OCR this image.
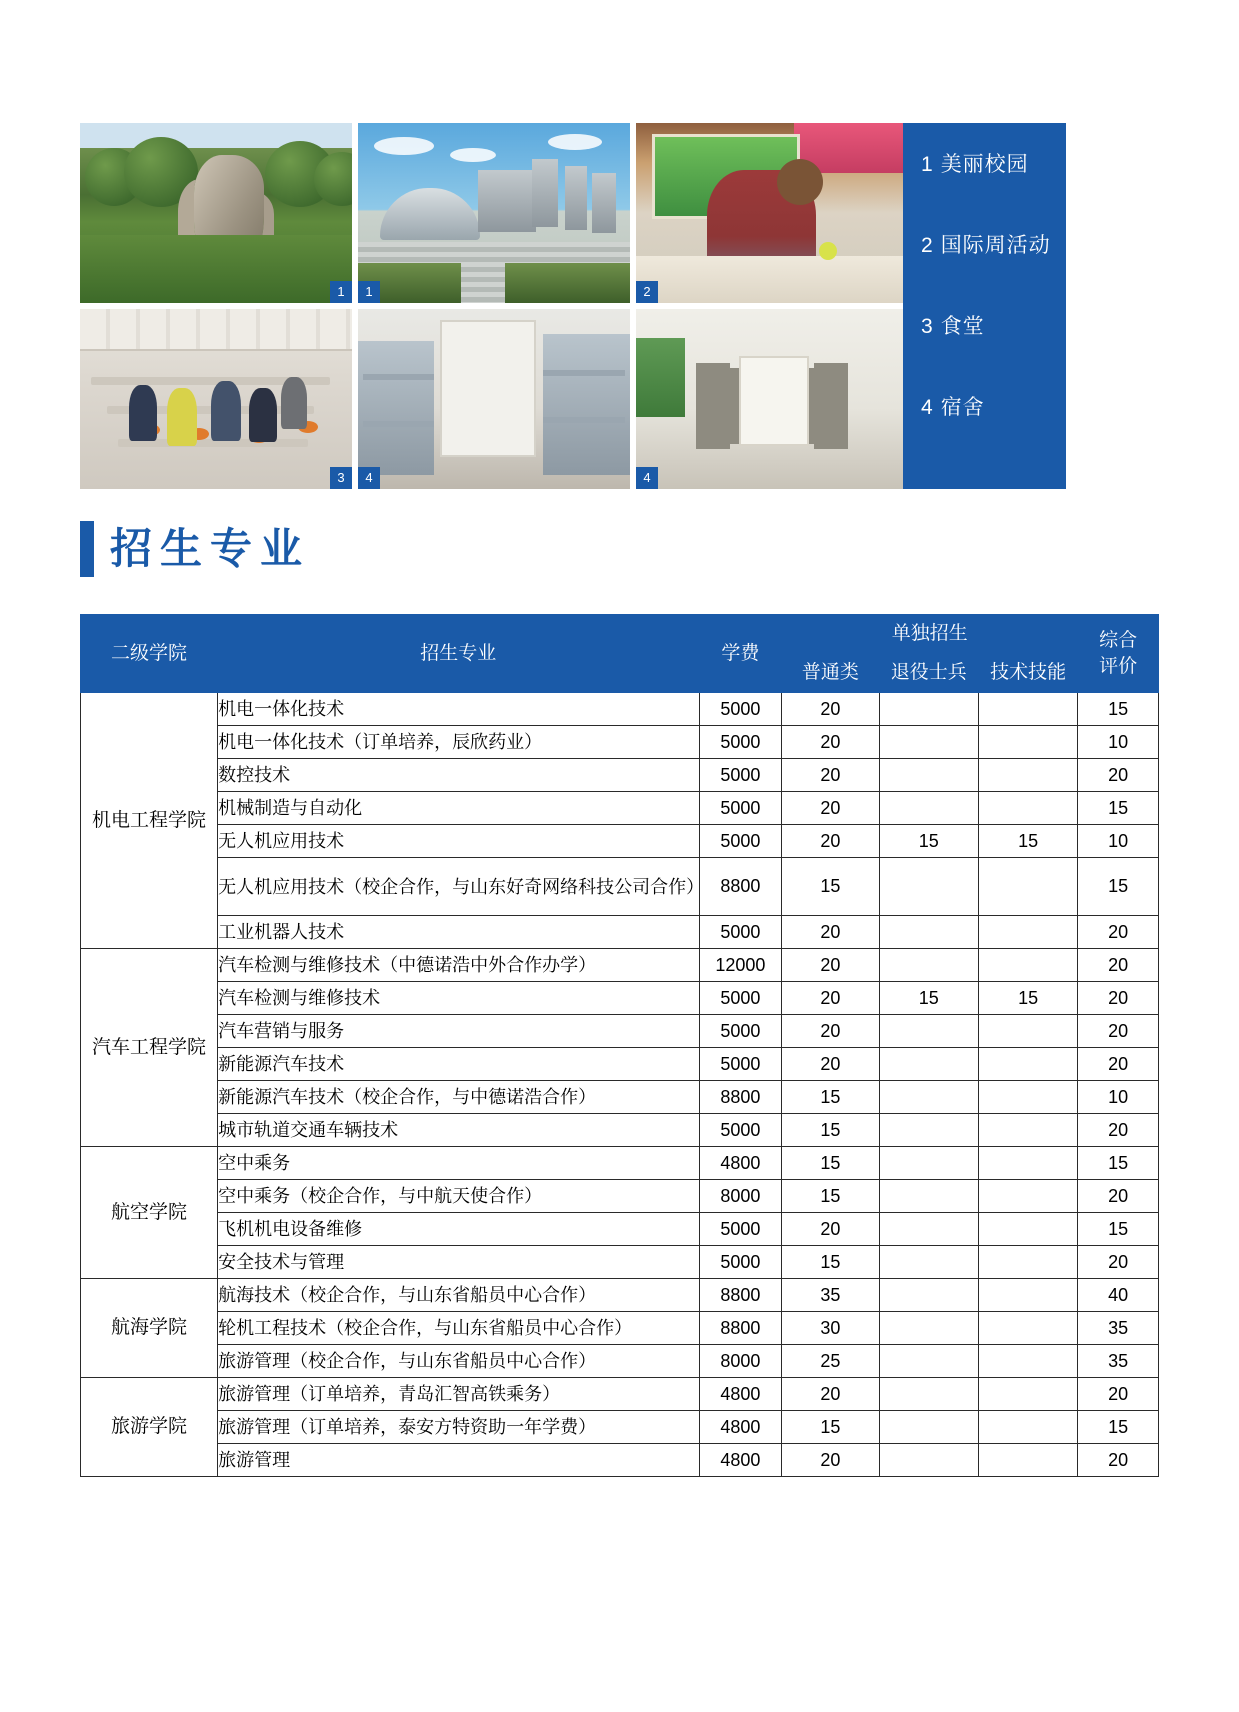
1	1	2
3	4	4
1 美丽校园
2 国际周活动
3 食堂
4 宿舍
招生专业
二级学院	招生专业	学费	单独招生			综合
评价

			普通类	退役士兵	技术技能	
机电工程学院	机电一体化技术	5000	20			15
	机电一体化技术（订单培养，辰欣药业）	5000	20			10
	数控技术	5000	20			20
	机械制造与自动化	5000	20			15
	无人机应用技术	5000	20	15	15	10
	无人机应用技术（校企合作，与山东好奇网络科技公司合作）	8800	15			15
	工业机器人技术	5000	20			20
汽车工程学院	汽车检测与维修技术（中德诺浩中外合作办学）	12000	20			20
	汽车检测与维修技术	5000	20	15	15	20
	汽车营销与服务	5000	20			20
	新能源汽车技术	5000	20			20
	新能源汽车技术（校企合作，与中德诺浩合作）	8800	15			10
	城市轨道交通车辆技术	5000	15			20
航空学院	空中乘务	4800	15			15
	空中乘务（校企合作，与中航天使合作）	8000	15			20
	飞机机电设备维修	5000	20			15
	安全技术与管理	5000	15			20
航海学院	航海技术（校企合作，与山东省船员中心合作）	8800	35			40
	轮机工程技术（校企合作，与山东省船员中心合作）	8800	30			35
	旅游管理（校企合作，与山东省船员中心合作）	8000	25			35
旅游学院	旅游管理（订单培养，青岛汇智高铁乘务）	4800	20			20
	旅游管理（订单培养，泰安方特资助一年学费）	4800	15			15
	旅游管理	4800	20			20
